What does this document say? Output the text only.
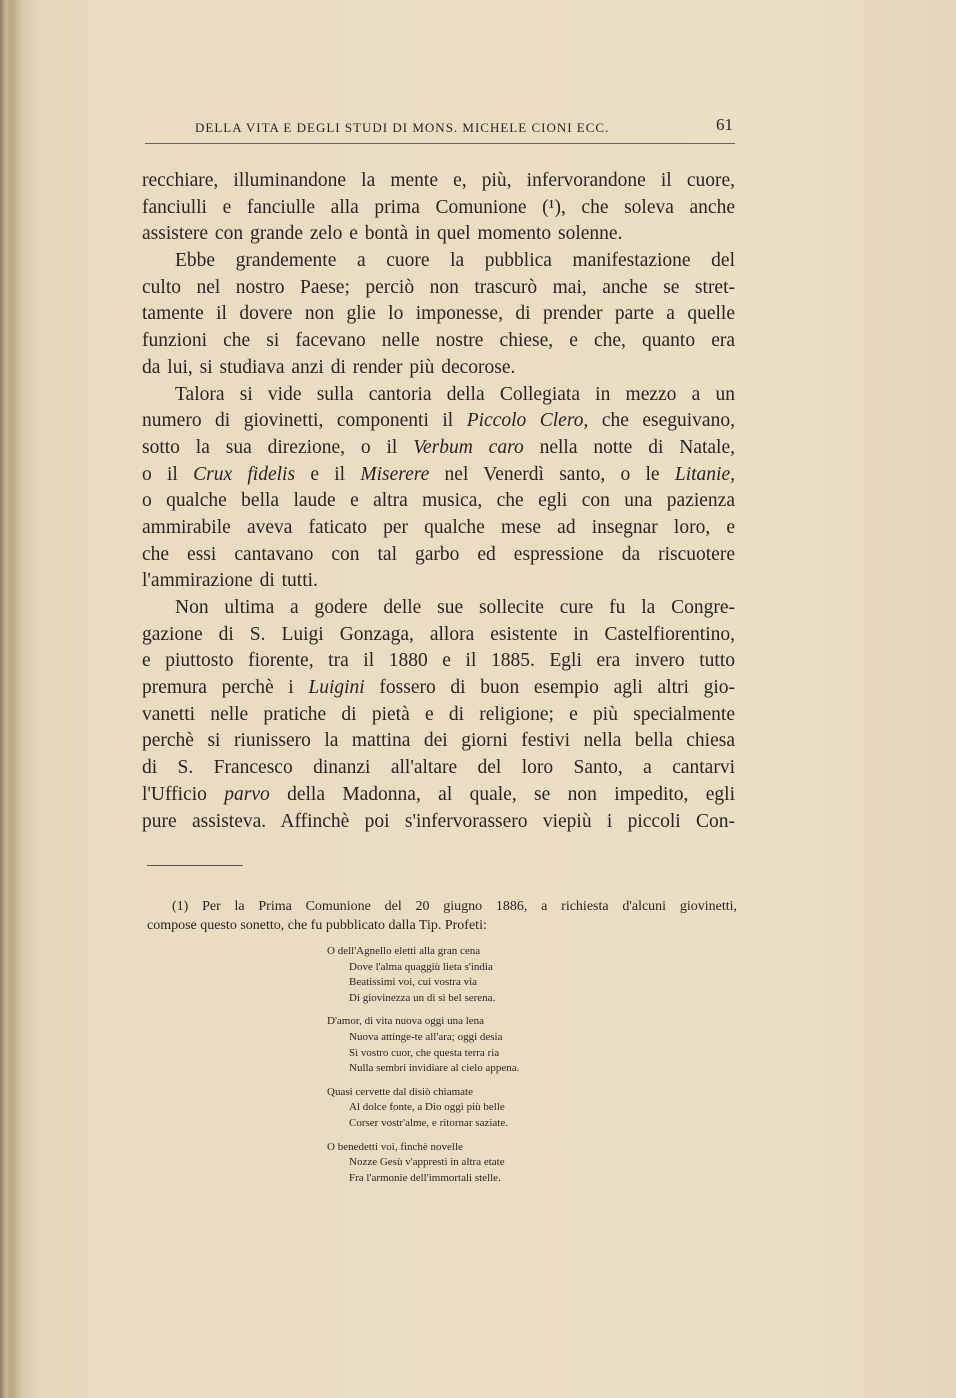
DELLA VITA E DEGLI STUDI DI MONS. MICHELE CIONI ECC.	61
recchiare, illuminandone la mente e, più, infervorandone il cuore,
fanciulli e fanciulle alla prima Comunione (¹), che soleva anche
assistere con grande zelo e bontà in quel momento solenne.
Ebbe grandemente a cuore la pubblica manifestazione del
culto nel nostro Paese; perciò non trascurò mai, anche se stret-
tamente il dovere non glie lo imponesse, di prender parte a quelle
funzioni che si facevano nelle nostre chiese, e che, quanto era
da lui, si studiava anzi di render più decorose.
Talora si vide sulla cantoria della Collegiata in mezzo a un
numero di giovinetti, componenti il Piccolo Clero, che eseguivano,
sotto la sua direzione, o il Verbum caro nella notte di Natale,
o il Crux fidelis e il Miserere nel Venerdì santo, o le Litanie,
o qualche bella laude e altra musica, che egli con una pazienza
ammirabile aveva faticato per qualche mese ad insegnar loro, e
che essi cantavano con tal garbo ed espressione da riscuotere
l'ammirazione di tutti.
Non ultima a godere delle sue sollecite cure fu la Congre-
gazione di S. Luigi Gonzaga, allora esistente in Castelfiorentino,
e piuttosto fiorente, tra il 1880 e il 1885. Egli era invero tutto
premura perchè i Luigini fossero di buon esempio agli altri gio-
vanetti nelle pratiche di pietà e di religione; e più specialmente
perchè si riunissero la mattina dei giorni festivi nella bella chiesa
di S. Francesco dinanzi all'altare del loro Santo, a cantarvi
l'Ufficio parvo della Madonna, al quale, se non impedito, egli
pure assisteva. Affinchè poi s'infervorassero viepiù i piccoli Con-
(1) Per la Prima Comunione del 20 giugno 1886, a richiesta d'alcuni giovinetti,
compose questo sonetto, che fu pubblicato dalla Tip. Profeti:
O dell'Agnello eletti alla gran cena
Dove l'alma quaggiù lieta s'india
Beatissimi voi, cui vostra via
Di giovinezza un dì sì bel serena.
D'amor, di vita nuova oggi una lena
Nuova attinge-te all'ara; oggi desia
Sì vostro cuor, che questa terra ria
Nulla sembri invidiare al cielo appena.
Quasi cervette dal disiò chiamate
Al dolce fonte, a Dio oggi più belle
Corser vostr'alme, e ritornar saziate.
O benedetti voi, finchè novelle
Nozze Gesù v'appresti in altra etate
Fra l'armonie dell'immortali stelle.
